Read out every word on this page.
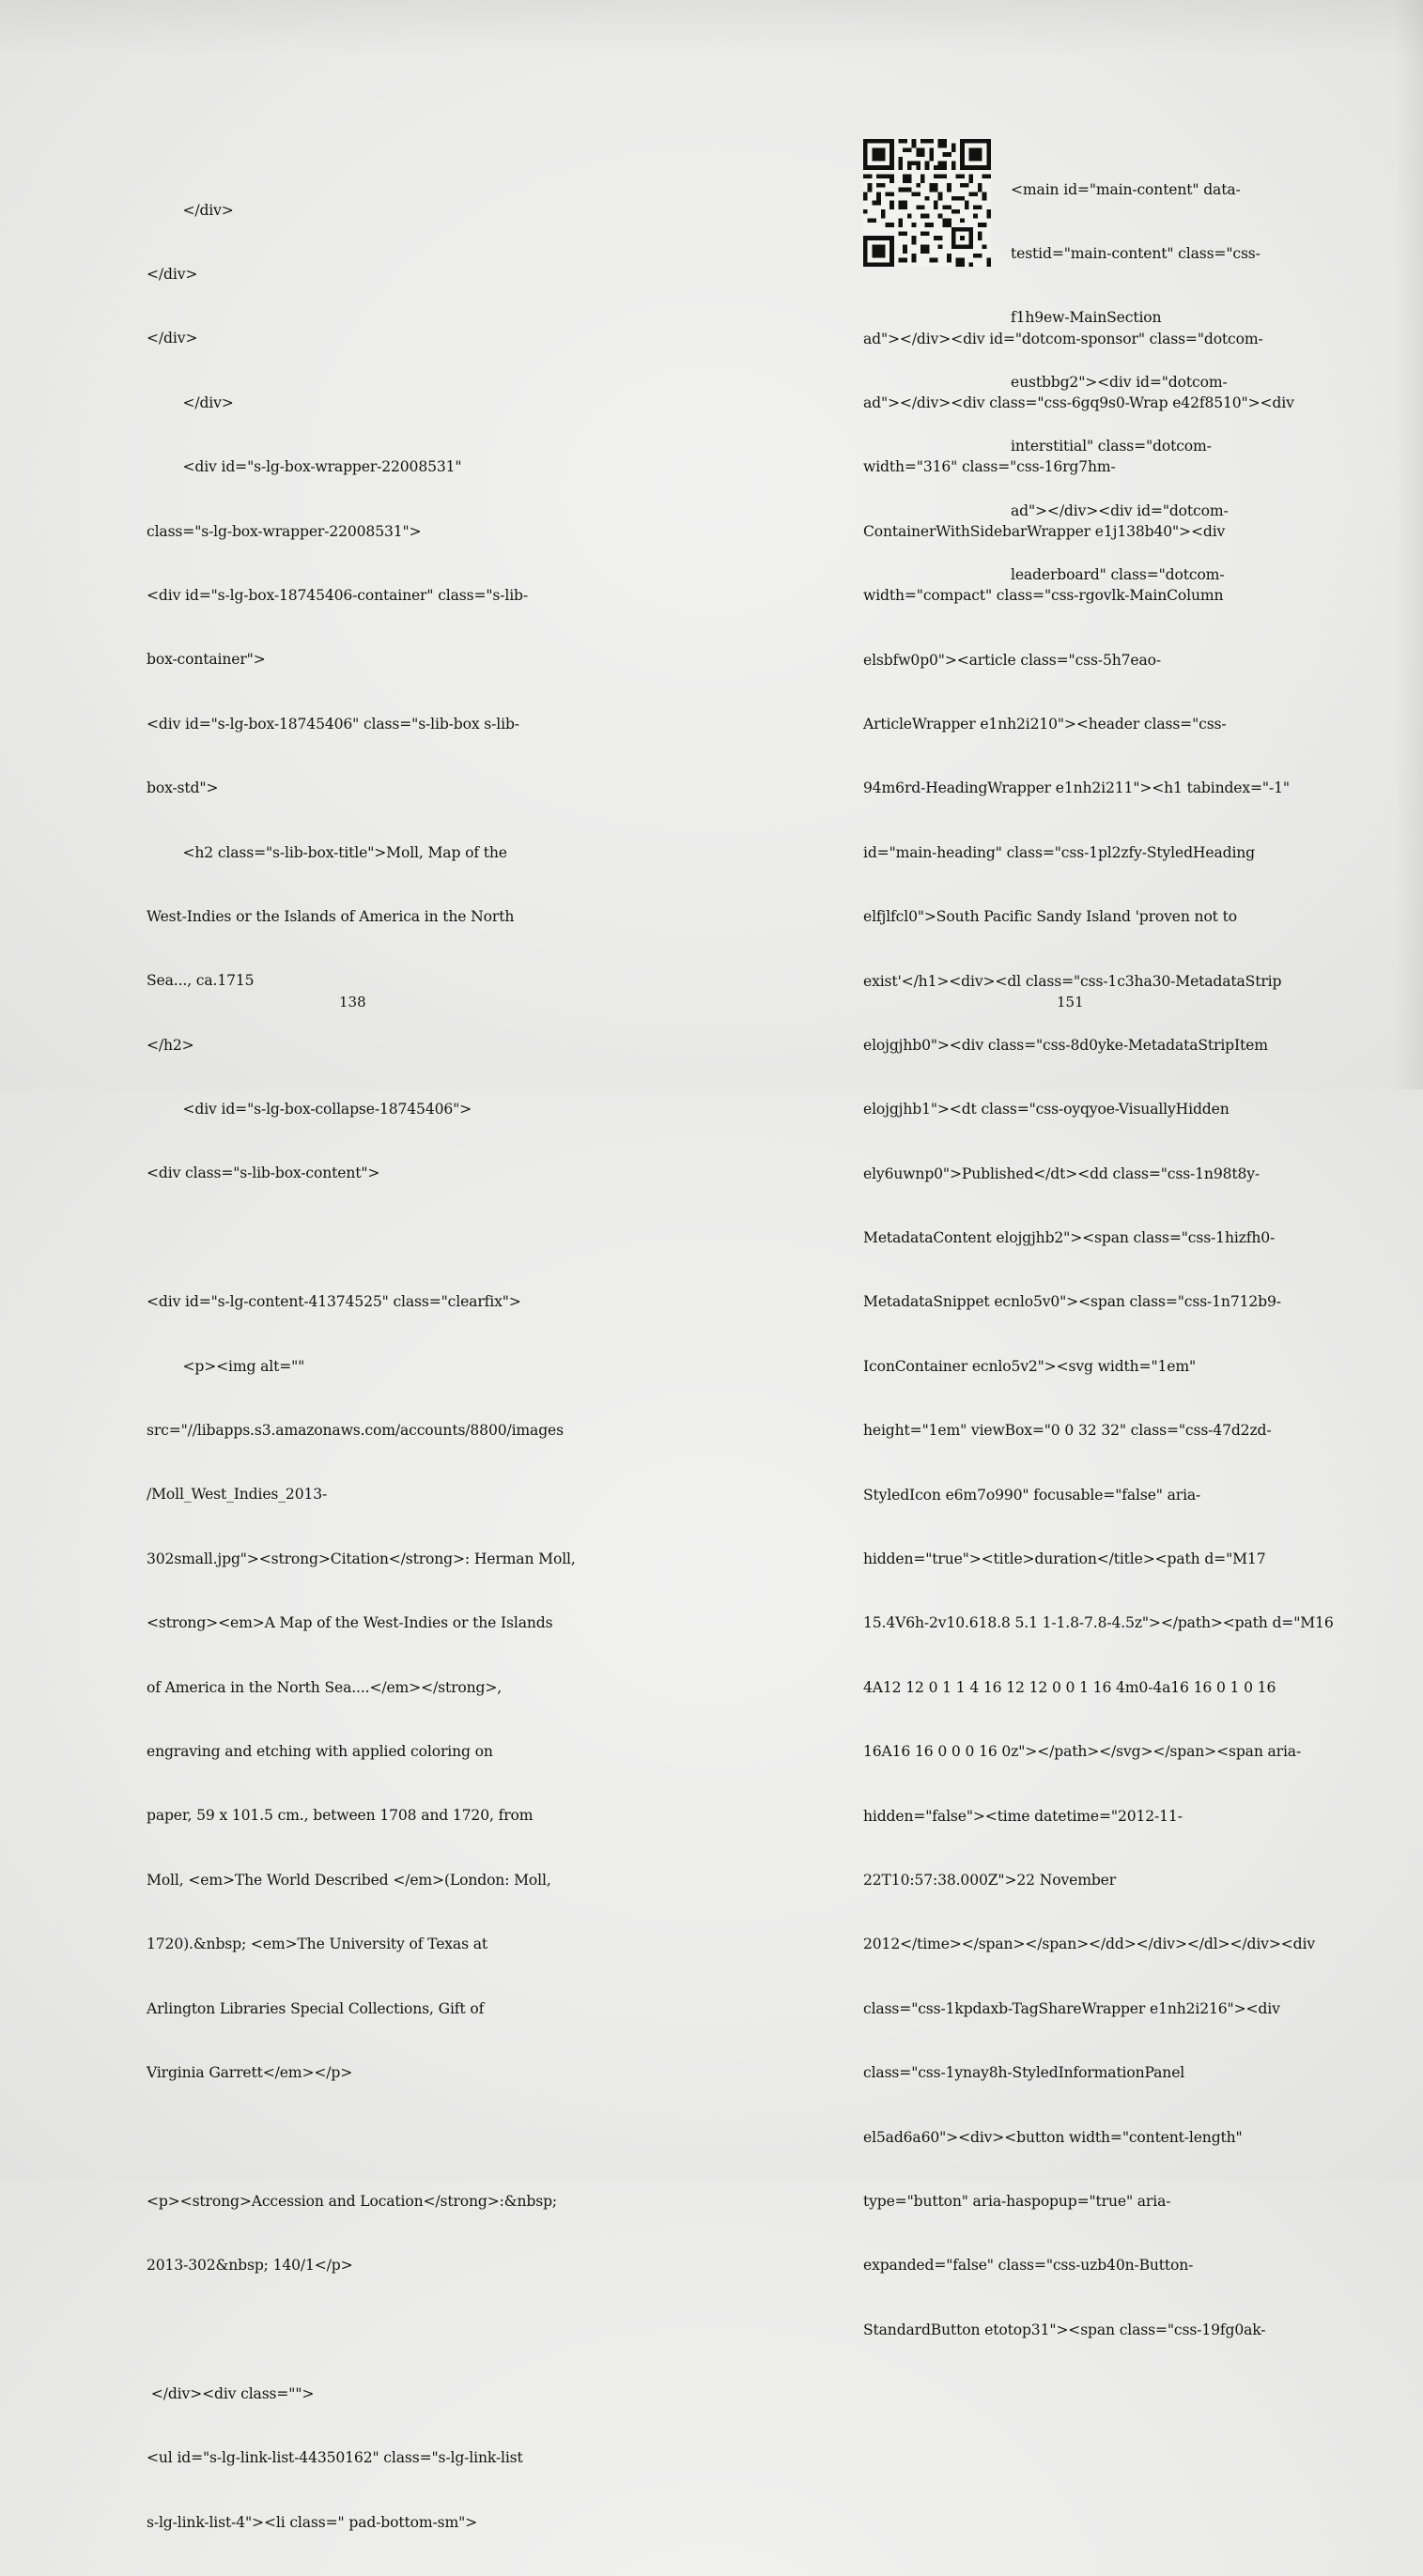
</div>

</div>

</div>

</div>

<div id="s-lg-box-wrapper-22008531"

class="s-lg-box-wrapper-22008531">

<div id="s-lg-box-18745406-container" class="s-lib-

box-container">

<div id="s-lg-box-18745406" class="s-lib-box s-lib-

box-std">

<h2 class="s-lib-box-title">Moll, Map of the

West-Indies or the Islands of America in the North

Sea..., ca.1715

</h2>

<div id="s-lg-box-collapse-18745406">

<div class="s-lib-box-content">

<div id="s-lg-content-41374525" class="clearfix">

<p><img alt=""

src="//libapps.s3.amazonaws.com/accounts/8800/images

/Moll_West_Indies_2013-

302small.jpg"><strong>Citation</strong>: Herman Moll,

<strong><em>A Map of the West-Indies or the Islands

of America in the North Sea....</em></strong>,

engraving and etching with applied coloring on

paper, 59 x 101.5 cm., between 1708 and 1720, from

Moll, <em>The World Described </em>(London: Moll,

1720).&nbsp; <em>The University of Texas at

Arlington Libraries Special Collections, Gift of

Virginia Garrett</em></p>

<p><strong>Accession and Location</strong>:&nbsp;

2013-302&nbsp; 140/1</p>

</div><div class="">

<ul id="s-lg-link-list-44350162" class="s-lg-link-list

s-lg-link-list-4"><li class=" pad-bottom-sm">

138

<main id="main-content" data-

testid="main-content" class="css-

f1h9ew-MainSection

eustbbg2"><div id="dotcom-

interstitial" class="dotcom-

ad"></div><div id="dotcom-

leaderboard" class="dotcom-

ad"></div><div id="dotcom-sponsor" class="dotcom-

ad"></div><div class="css-6gq9s0-Wrap e42f8510"><div

width="316" class="css-16rg7hm-

ContainerWithSidebarWrapper e1j138b40"><div

width="compact" class="css-rgovlk-MainColumn

elsbfw0p0"><article class="css-5h7eao-

ArticleWrapper e1nh2i210"><header class="css-

94m6rd-HeadingWrapper e1nh2i211"><h1 tabindex="-1"

id="main-heading" class="css-1pl2zfy-StyledHeading

elfjlfcl0">South Pacific Sandy Island 'proven not to

exist'</h1><div><dl class="css-1c3ha30-MetadataStrip

elojgjhb0"><div class="css-8d0yke-MetadataStripItem

elojgjhb1"><dt class="css-oyqyoe-VisuallyHidden

ely6uwnp0">Published</dt><dd class="css-1n98t8y-

MetadataContent elojgjhb2"><span class="css-1hizfh0-

MetadataSnippet ecnlo5v0"><span class="css-1n712b9-

IconContainer ecnlo5v2"><svg width="1em"

height="1em" viewBox="0 0 32 32" class="css-47d2zd-

StyledIcon e6m7o990" focusable="false" aria-

hidden="true"><title>duration</title><path d="M17

15.4V6h-2v10.618.8 5.1 1-1.8-7.8-4.5z"></path><path d="M16

4A12 12 0 1 1 4 16 12 12 0 0 1 16 4m0-4a16 16 0 1 0 16

16A16 16 0 0 0 16 0z"></path></svg></span><span aria-

hidden="false"><time datetime="2012-11-

22T10:57:38.000Z">22 November

2012</time></span></span></dd></div></dl></div><div

class="css-1kpdaxb-TagShareWrapper e1nh2i216"><div

class="css-1ynay8h-StyledInformationPanel

el5ad6a60"><div><button width="content-length"

type="button" aria-haspopup="true" aria-

expanded="false" class="css-uzb40n-Button-

StandardButton etotop31"><span class="css-19fg0ak-

151
